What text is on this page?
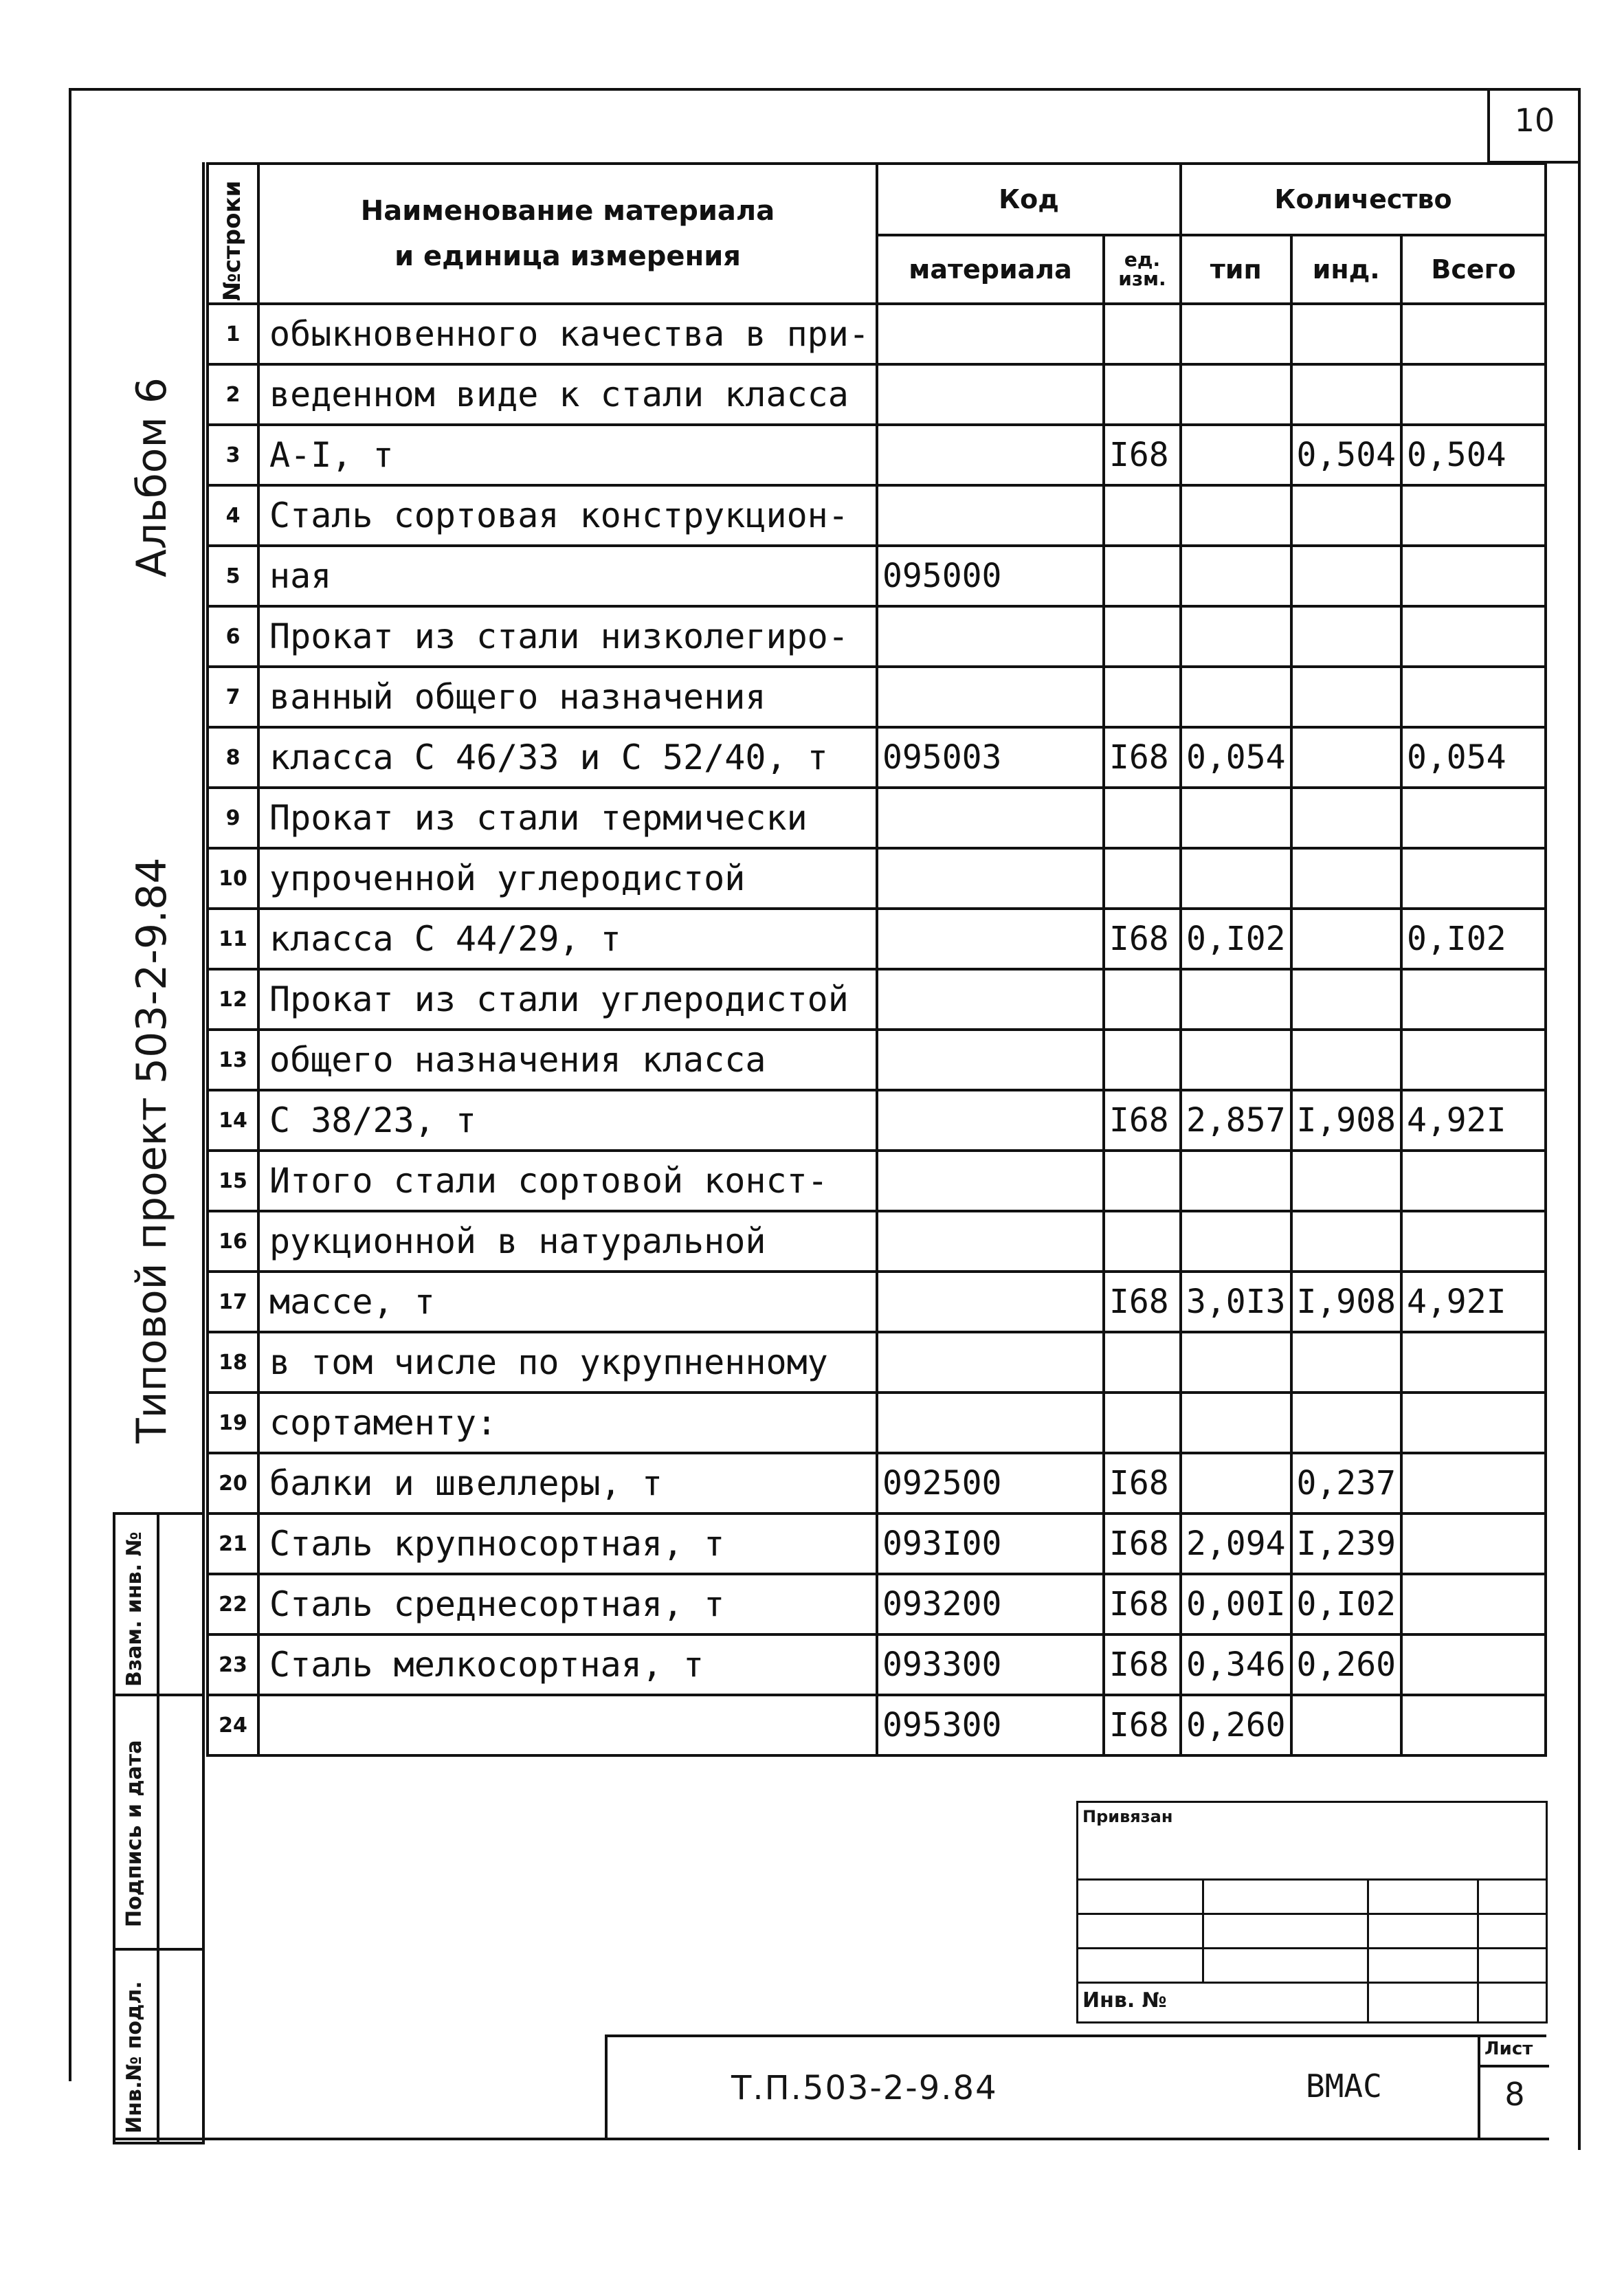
10
Альбом 6
Типовой проект 503-2-9.84
№строки	Наименование материала
и единица измерения	Код		Количество		
		материала	ед. изм.	тип	инд.	Всего
1	обыкновенного качества в при-					
2	веденном виде к стали класса					
3	А-I, т		I68		0,504	0,504
4	Сталь сортовая конструкцион-					
5	ная	095000				
6	Прокат из стали низколегиро-					
7	ванный общего назначения					
8	класса С 46/33 и С 52/40, т	095003	I68	0,054		0,054
9	Прокат из стали термически					
10	упроченной углеродистой					
11	класса С 44/29, т		I68	0,I02		0,I02
12	Прокат из стали углеродистой					
13	общего назначения класса					
14	С 38/23, т		I68	2,857	I,908	4,92I
15	Итого стали сортовой конст-					
16	рукционной в натуральной					
17	массе, т		I68	3,0I3	I,908	4,92I
18	в том числе по укрупненному					
19	сортаменту:					
20	балки и швеллеры, т	092500	I68		0,237	
21	Сталь крупносортная, т	093I00	I68	2,094	I,239	
22	Сталь среднесортная, т	093200	I68	0,00I	0,I02	
23	Сталь мелкосортная, т	093300	I68	0,346	0,260	
24		095300	I68	0,260		
Взам. инв. №
Подпись и дата
Инв.№ подл.
Привязан
Инв. №
Т.П.503-2-9.84	ВМАС
Лист
8
